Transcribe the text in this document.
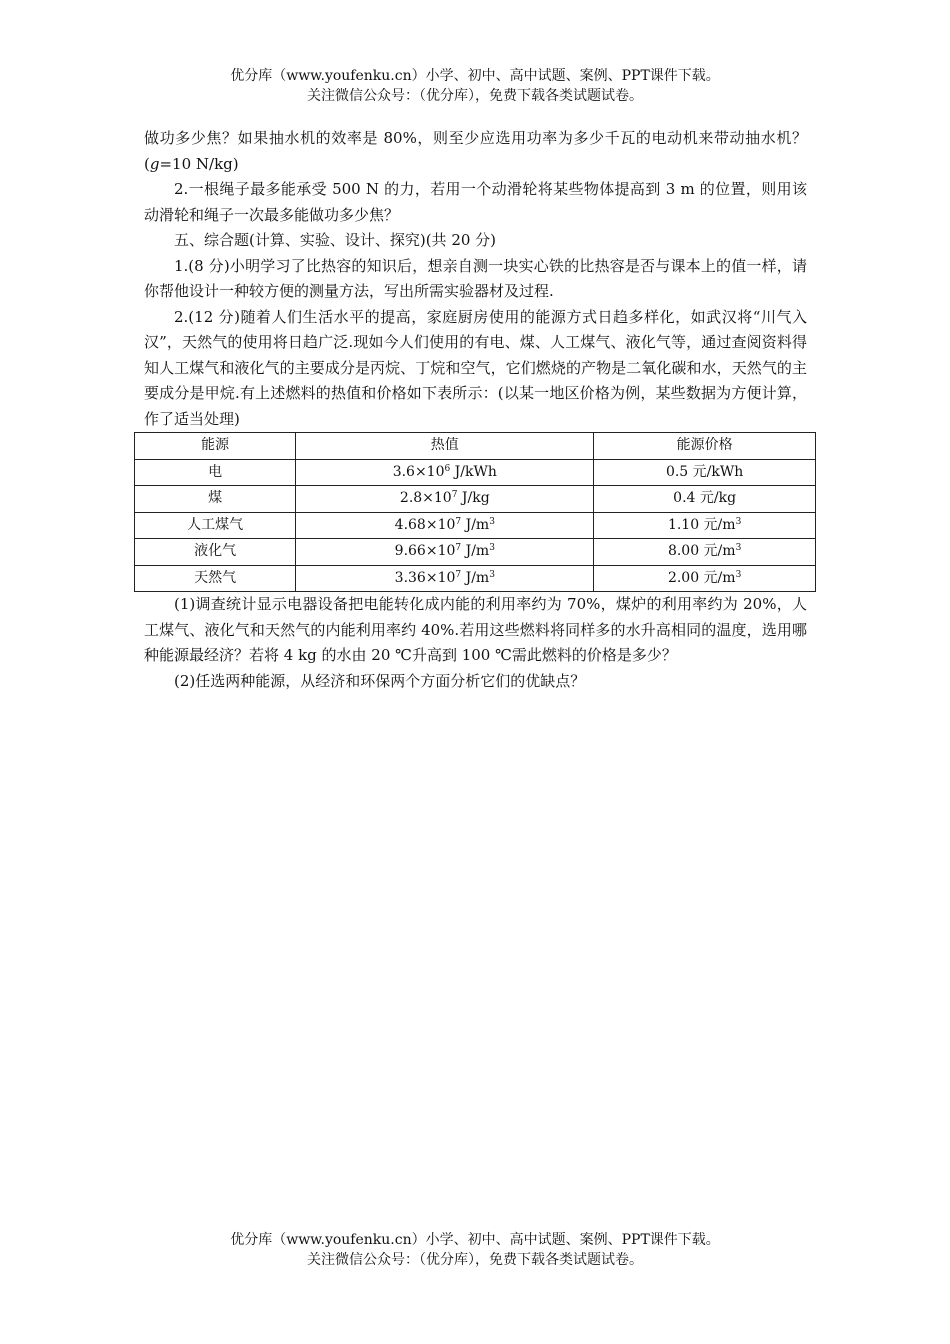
优分库（www.youfenku.cn）小学、初中、高中试题、案例、PPT课件下载。
关注微信公众号：（优分库），免费下载各类试题试卷。

做功多少焦？如果抽水机的效率是 80%，则至少应选用功率为多少千瓦的电动机来带动抽水机？(g=10 N/kg)

2.一根绳子最多能承受 500 N 的力，若用一个动滑轮将某些物体提高到 3 m 的位置，则用该动滑轮和绳子一次最多能做功多少焦？

五、综合题(计算、实验、设计、探究)(共 20 分)

1.(8 分)小明学习了比热容的知识后，想亲自测一块实心铁的比热容是否与课本上的值一样，请你帮他设计一种较方便的测量方法，写出所需实验器材及过程.

2.(12 分)随着人们生活水平的提高，家庭厨房使用的能源方式日趋多样化，如武汉将“川气入汉”，天然气的使用将日趋广泛.现如今人们使用的有电、煤、人工煤气、液化气等，通过查阅资料得知人工煤气和液化气的主要成分是丙烷、丁烷和空气，它们燃烧的产物是二氧化碳和水，天然气的主要成分是甲烷.有上述燃料的热值和价格如下表所示：(以某一地区价格为例，某些数据为方便计算，作了适当处理)

能源	热值	能源价格
电	$3.6\times 10^6$ J/kWh	0.5 元/kWh
煤	$2.8\times 10^7$ J/kg	0.4 元/kg
人工煤气	$4.68\times 10^7$ $J/m^3$	1.10 元$/m^3$
液化气	$9.66\times 10^7$ $J/m^3$	8.00 元$/m^3$
天然气	$3.36\times 10^7$ $J/m^3$	2.00 元$/m^3$

(1)调查统计显示电器设备把电能转化成内能的利用率约为 70%，煤炉的利用率约为 20%，人工煤气、液化气和天然气的内能利用率约 40%.若用这些燃料将同样多的水升高相同的温度，选用哪种能源最经济？若将 4 kg 的水由 20 ℃升高到 100 ℃需此燃料的价格是多少？

(2)任选两种能源，从经济和环保两个方面分析它们的优缺点？

优分库（www.youfenku.cn）小学、初中、高中试题、案例、PPT课件下载。
关注微信公众号：（优分库），免费下载各类试题试卷。
